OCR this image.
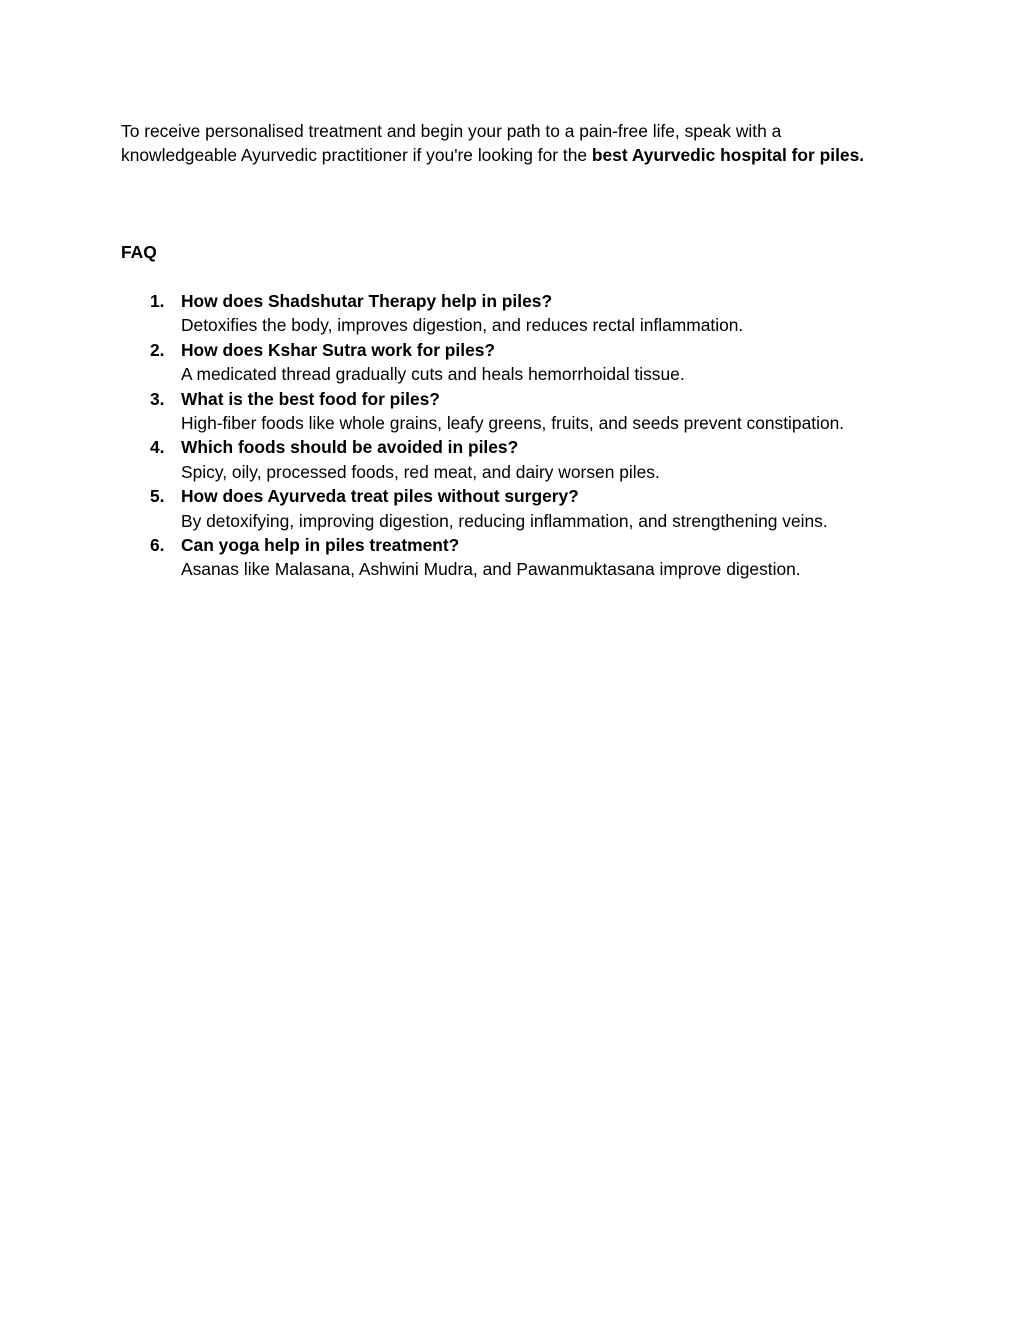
To receive personalised treatment and begin your path to a pain-free life, speak with a knowledgeable Ayurvedic practitioner if you're looking for the best Ayurvedic hospital for piles.

FAQ
1. How does Shadshutar Therapy help in piles?
Detoxifies the body, improves digestion, and reduces rectal inflammation.
2. How does Kshar Sutra work for piles?
A medicated thread gradually cuts and heals hemorrhoidal tissue.
3. What is the best food for piles?
High-fiber foods like whole grains, leafy greens, fruits, and seeds prevent constipation.
4. Which foods should be avoided in piles?
Spicy, oily, processed foods, red meat, and dairy worsen piles.
5. How does Ayurveda treat piles without surgery?
By detoxifying, improving digestion, reducing inflammation, and strengthening veins.
6. Can yoga help in piles treatment?
Asanas like Malasana, Ashwini Mudra, and Pawanmuktasana improve digestion.
